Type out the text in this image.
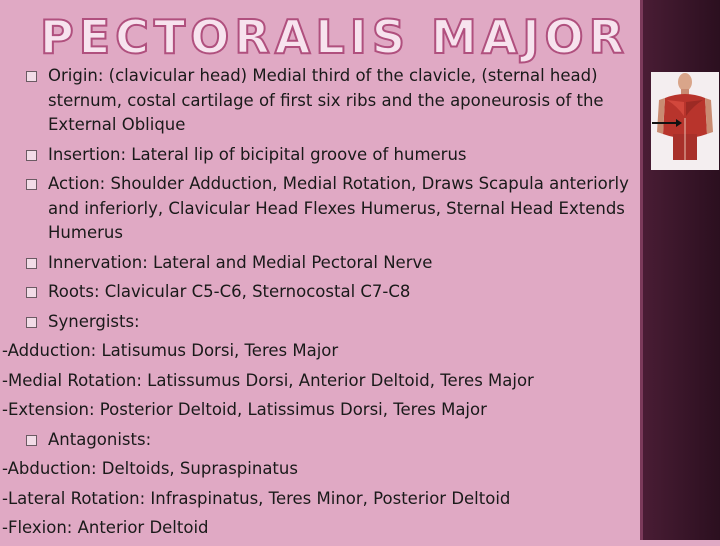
PECTORALIS MAJOR
Origin: (clavicular head) Medial third of the clavicle, (sternal head) sternum, costal cartilage of first six ribs and the aponeurosis of the External Oblique
Insertion: Lateral lip of bicipital groove of humerus
Action: Shoulder Adduction, Medial Rotation, Draws Scapula anteriorly and inferiorly, Clavicular Head Flexes Humerus, Sternal Head Extends Humerus
Innervation: Lateral and Medial Pectoral Nerve
Roots: Clavicular C5-C6, Sternocostal C7-C8
Synergists:
-Adduction: Latisumus Dorsi, Teres Major
-Medial Rotation: Latissumus Dorsi, Anterior Deltoid, Teres Major
-Extension: Posterior Deltoid, Latissimus Dorsi, Teres Major
Antagonists:
-Abduction: Deltoids, Supraspinatus
-Lateral Rotation: Infraspinatus, Teres Minor, Posterior Deltoid
-Flexion: Anterior Deltoid
